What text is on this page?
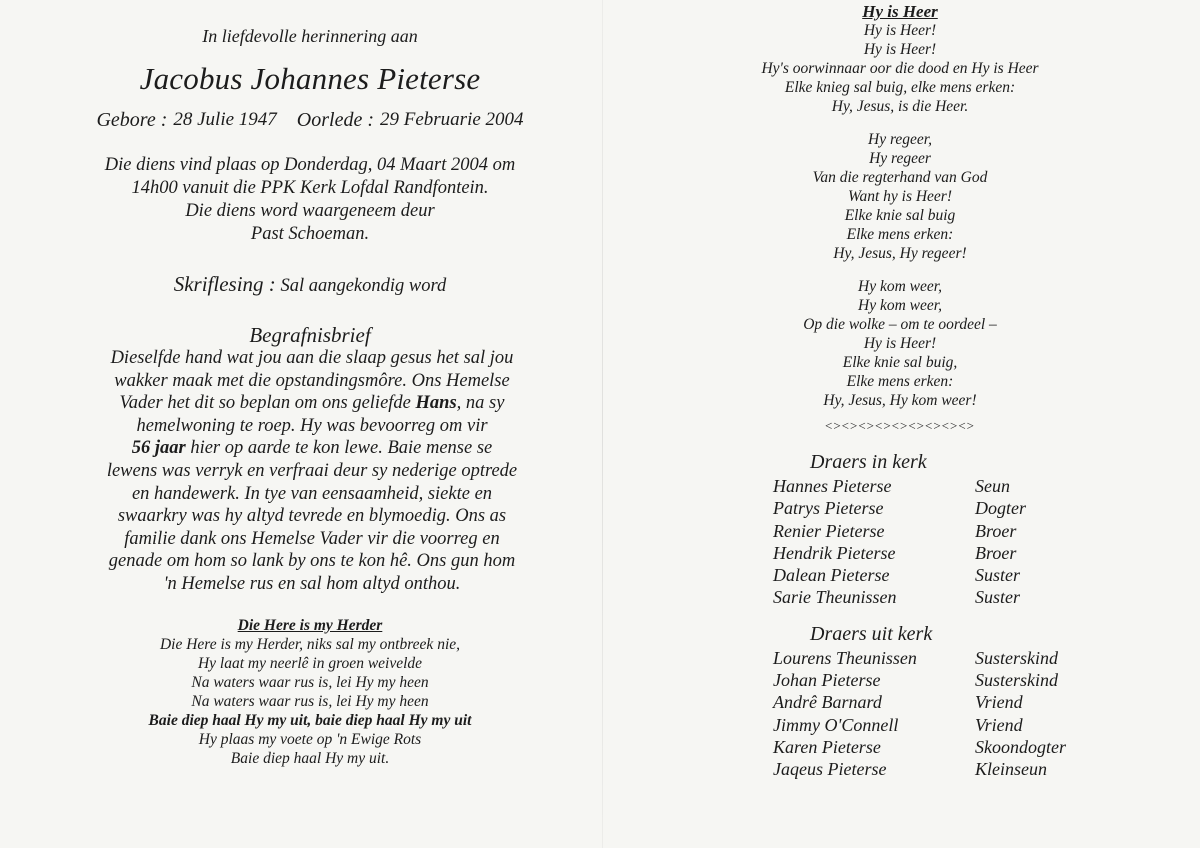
In liefdevolle herinnering aan
Jacobus Johannes Pieterse
Gebore : 28 Julie 1947 Oorlede : 29 Februarie 2004
Die diens vind plaas op Donderdag, 04 Maart 2004 om
14h00 vanuit die PPK Kerk Lofdal Randfontein.
Die diens word waargeneem deur
Past Schoeman.
Skriflesing : Sal aangekondig word
Begrafnisbrief
Dieselfde hand wat jou aan die slaap gesus het sal jou
wakker maak met die opstandingsmôre. Ons Hemelse
Vader het dit so beplan om ons geliefde Hans, na sy
hemelwoning te roep. Hy was bevoorreg om vir
56 jaar hier op aarde te kon lewe. Baie mense se
lewens was verryk en verfraai deur sy nederige optrede
en handewerk. In tye van eensaamheid, siekte en
swaarkry was hy altyd tevrede en blymoedig. Ons as
familie dank ons Hemelse Vader vir die voorreg en
genade om hom so lank by ons te kon hê. Ons gun hom
'n Hemelse rus en sal hom altyd onthou.
Die Here is my Herder
Die Here is my Herder, niks sal my ontbreek nie,
Hy laat my neerlê in groen weivelde
Na waters waar rus is, lei Hy my heen
Na waters waar rus is, lei Hy my heen
Baie diep haal Hy my uit, baie diep haal Hy my uit
Hy plaas my voete op 'n Ewige Rots
Baie diep haal Hy my uit.
Hy is Heer
Hy is Heer!
Hy is Heer!
Hy's oorwinnaar oor die dood en Hy is Heer
Elke knieg sal buig, elke mens erken:
Hy, Jesus, is die Heer.
Hy regeer,
Hy regeer
Van die regterhand van God
Want hy is Heer!
Elke knie sal buig
Elke mens erken:
Hy, Jesus, Hy regeer!
Hy kom weer,
Hy kom weer,
Op die wolke – om te oordeel –
Hy is Heer!
Elke knie sal buig,
Elke mens erken:
Hy, Jesus, Hy kom weer!
<><><><><><><><><>
Draers in kerk
Hannes Pieterse	Seun
Patrys Pieterse	Dogter
Renier Pieterse	Broer
Hendrik Pieterse	Broer
Dalean Pieterse	Suster
Sarie Theunissen	Suster
Draers uit kerk
Lourens Theunissen	Susterskind
Johan Pieterse	Susterskind
Andrê Barnard	Vriend
Jimmy O'Connell	Vriend
Karen Pieterse	Skoondogter
Jaqeus Pieterse	Kleinseun
